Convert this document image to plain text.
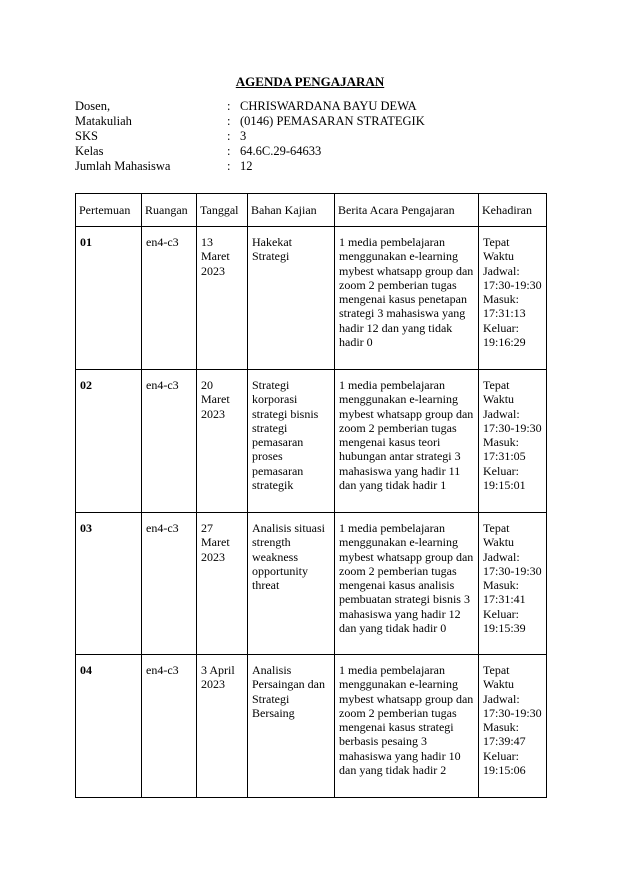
AGENDA PENGAJARAN
Dosen,	: CHRISWARDANA BAYU DEWA
Matakuliah	: (0146) PEMASARAN STRATEGIK
SKS	: 3
Kelas	: 64.6C.29-64633
Jumlah Mahasiswa	: 12
Pertemuan	Ruangan	Tanggal	Bahan Kajian	Berita Acara Pengajaran	Kehadiran
01	en4-c3	13 Maret 2023	Hakekat Strategi	1 media pembelajaran menggunakan e-learning mybest whatsapp group dan zoom 2 pemberian tugas mengenai kasus penetapan strategi 3 mahasiswa yang hadir 12 dan yang tidak hadir 0	Tepat Waktu Jadwal: 17:30-19:30 Masuk: 17:31:13 Keluar: 19:16:29
02	en4-c3	20 Maret 2023	Strategi korporasi strategi bisnis strategi pemasaran proses pemasaran strategik	1 media pembelajaran menggunakan e-learning mybest whatsapp group dan zoom 2 pemberian tugas mengenai kasus teori hubungan antar strategi 3 mahasiswa yang hadir 11 dan yang tidak hadir 1	Tepat Waktu Jadwal: 17:30-19:30 Masuk: 17:31:05 Keluar: 19:15:01
03	en4-c3	27 Maret 2023	Analisis situasi strength weakness opportunity threat	1 media pembelajaran menggunakan e-learning mybest whatsapp group dan zoom 2 pemberian tugas mengenai kasus analisis pembuatan strategi bisnis 3 mahasiswa yang hadir 12 dan yang tidak hadir 0	Tepat Waktu Jadwal: 17:30-19:30 Masuk: 17:31:41 Keluar: 19:15:39
04	en4-c3	3 April 2023	Analisis Persaingan dan Strategi Bersaing	1 media pembelajaran menggunakan e-learning mybest whatsapp group dan zoom 2 pemberian tugas mengenai kasus strategi berbasis pesaing 3 mahasiswa yang hadir 10 dan yang tidak hadir 2	Tepat Waktu Jadwal: 17:30-19:30 Masuk: 17:39:47 Keluar: 19:15:06
